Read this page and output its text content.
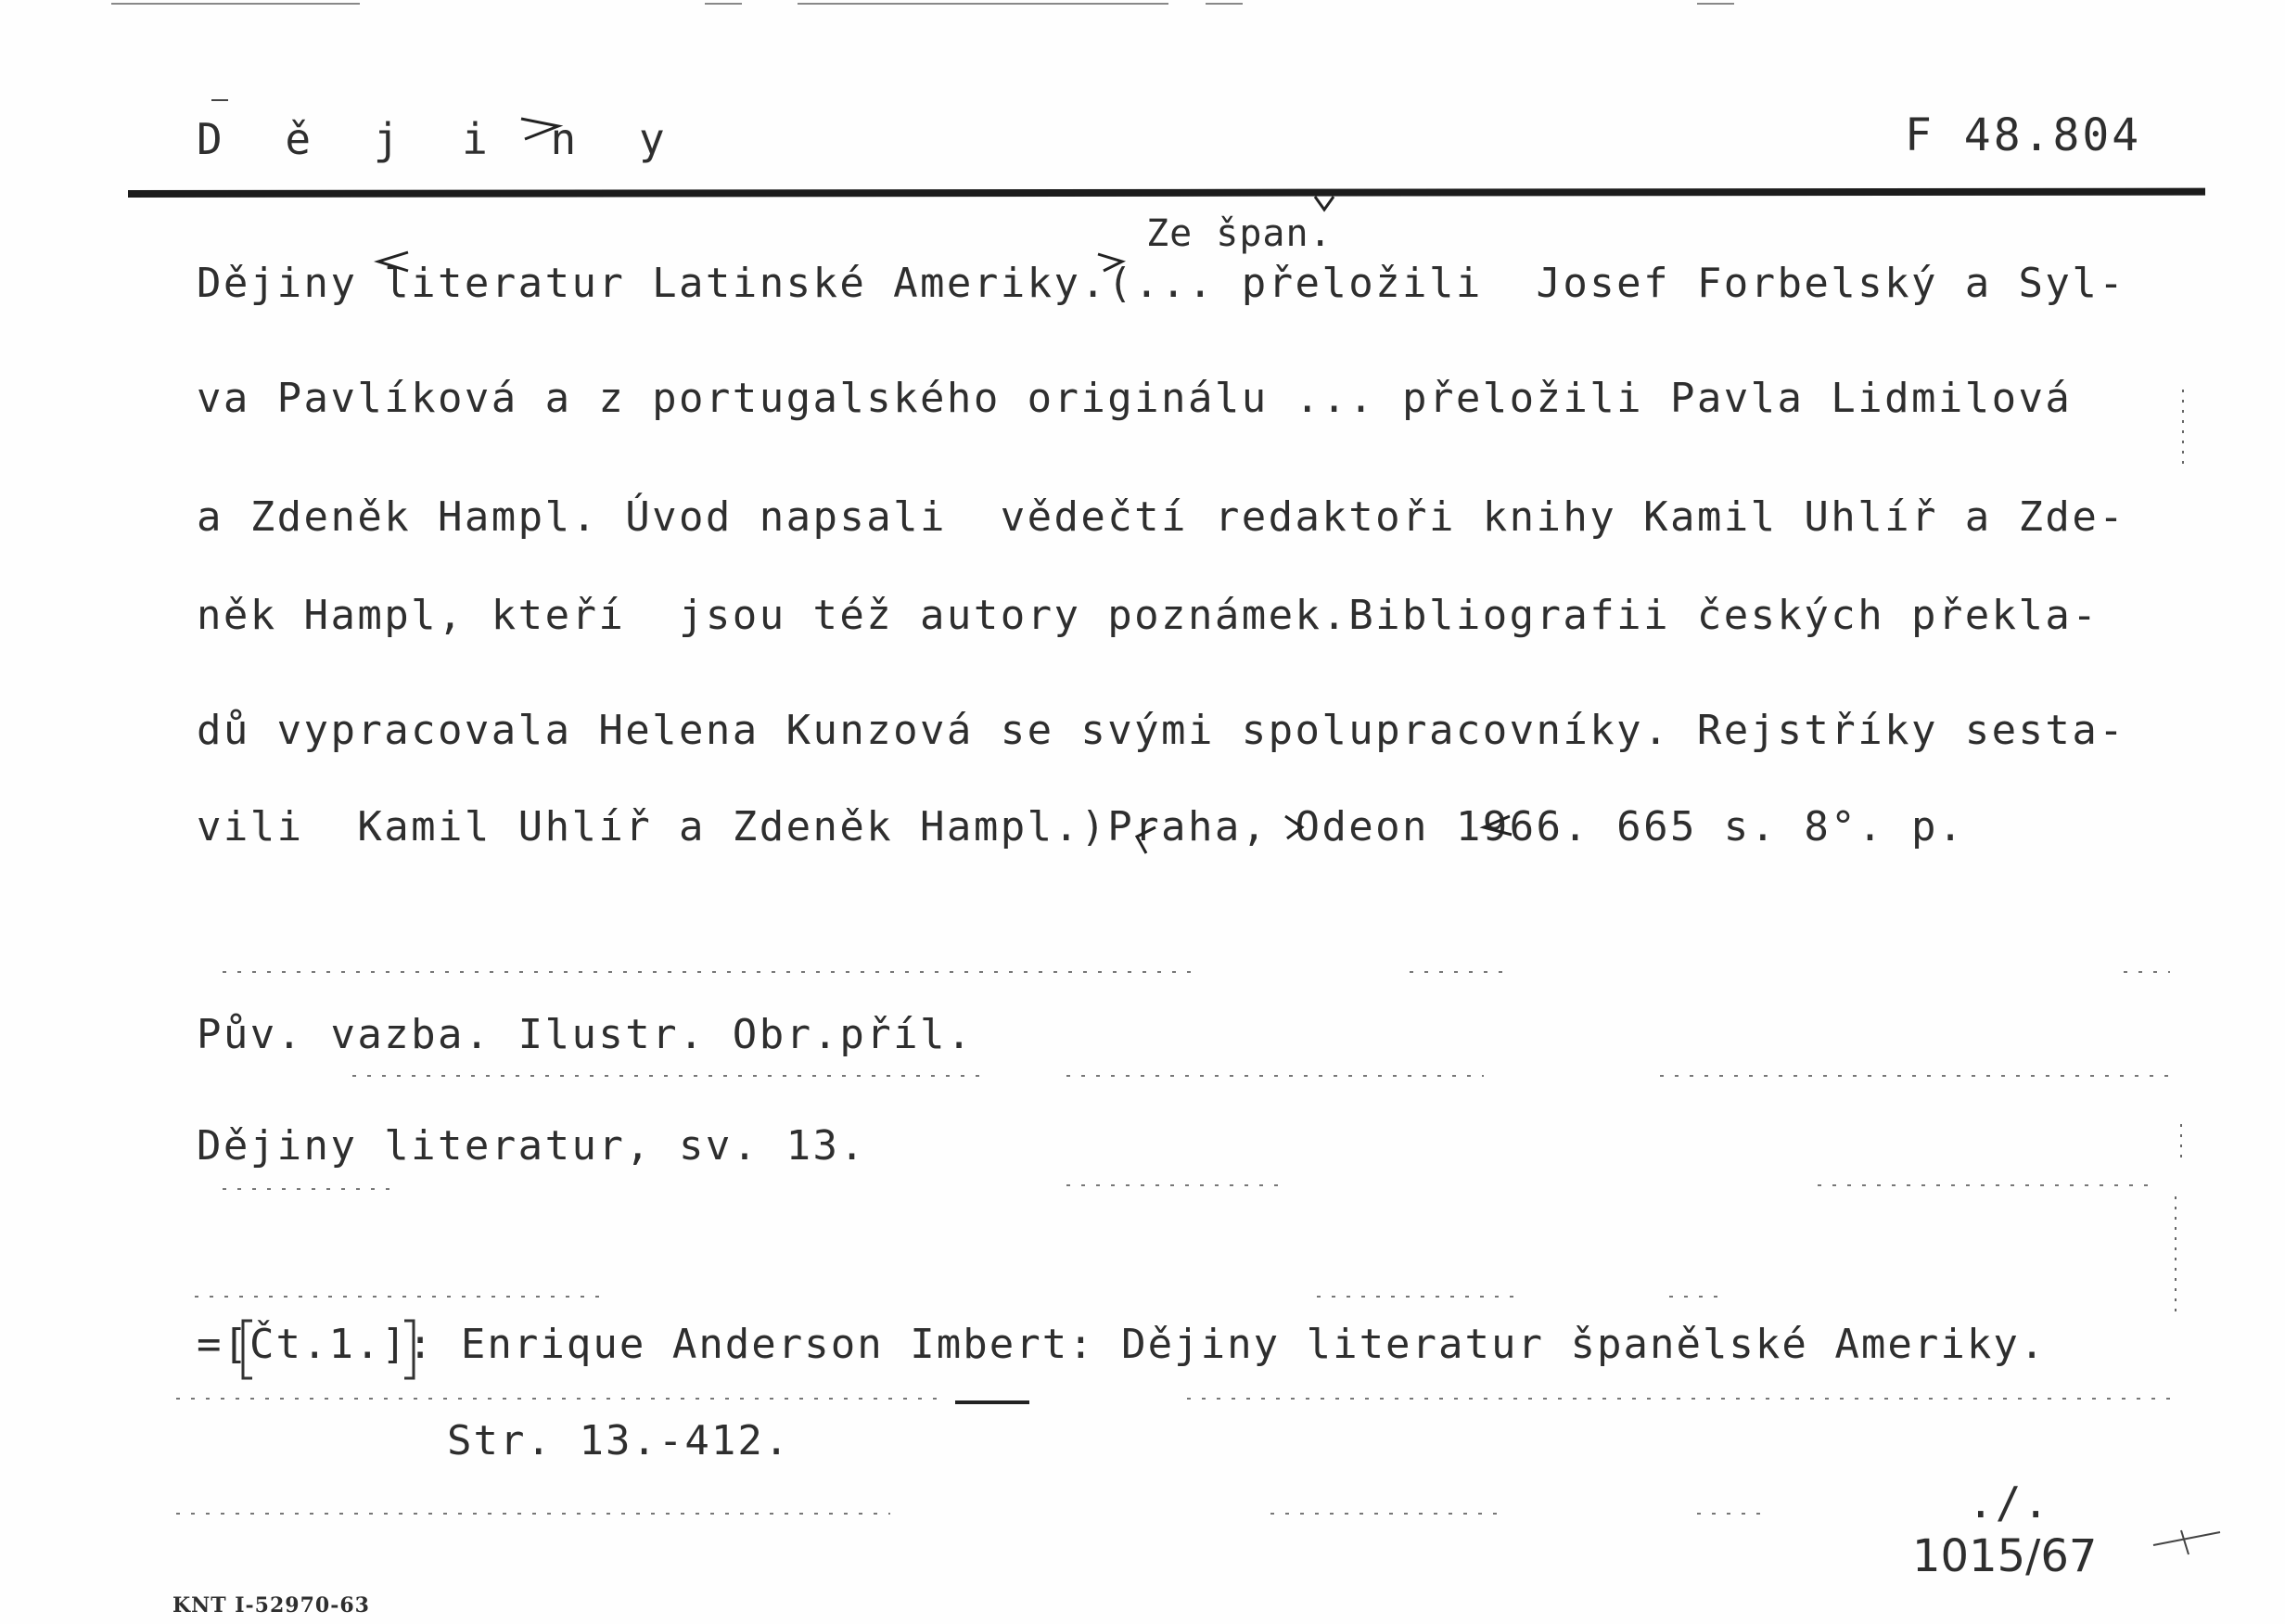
D ě j i n y	F 48.804
Ze špan.
Dějiny literatur Latinské Ameriky.(... přeložili  Josef Forbelský a Syl-
va Pavlíková a z portugalského originálu ... přeložili Pavla Lidmilová
a Zdeněk Hampl. Úvod napsali  vědečtí redaktoři knihy Kamil Uhlíř a Zde-
něk Hampl, kteří  jsou též autory poznámek.Bibliografii českých překla-
dů vypracovala Helena Kunzová se svými spolupracovníky. Rejstříky sesta-
vili  Kamil Uhlíř a Zdeněk Hampl.)Praha, Odeon 1966. 665 s. 8°. p.
Pův. vazba. Ilustr. Obr.příl.
Dějiny literatur, sv. 13.
=[Čt.1.]: Enrique Anderson Imbert: Dějiny literatur španělské Ameriky.
Str. 13.-412.
./.
1015/67
KNT I-52970-63
